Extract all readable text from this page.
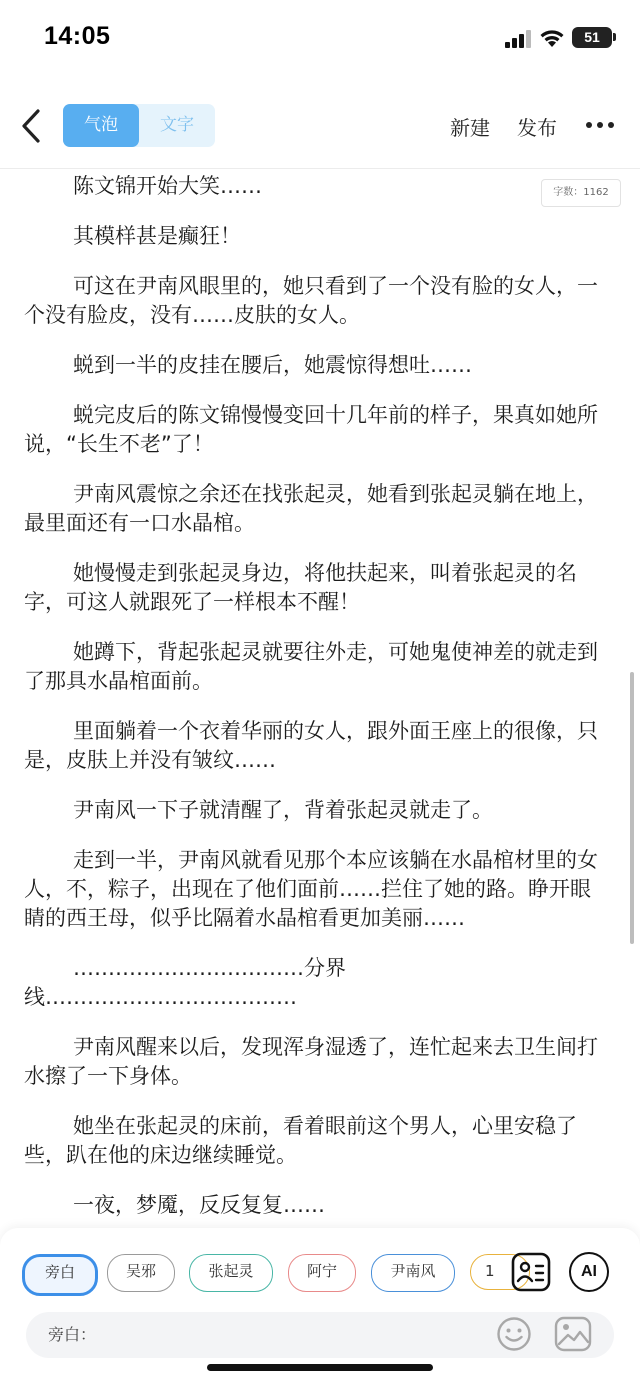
14:05	51
气泡	文字	新建 发布
字数：1162

陈文锦开始大笑……

其模样甚是癫狂！

可这在尹南风眼里的，她只看到了一个没有脸的女人，一个没有脸皮，没有……皮肤的女人。

蜕到一半的皮挂在腰后，她震惊得想吐……

蜕完皮后的陈文锦慢慢变回十几年前的样子，果真如她所说，“长生不老”了！

尹南风震惊之余还在找张起灵，她看到张起灵躺在地上，最里面还有一口水晶棺。

她慢慢走到张起灵身边，将他扶起来，叫着张起灵的名字，可这人就跟死了一样根本不醒！

她蹲下，背起张起灵就要往外走，可她鬼使神差的就走到了那具水晶棺面前。

里面躺着一个衣着华丽的女人，跟外面王座上的很像，只是，皮肤上并没有皱纹……

尹南风一下子就清醒了，背着张起灵就走了。

走到一半，尹南风就看见那个本应该躺在水晶棺材里的女人，不，粽子，出现在了他们面前……拦住了她的路。睁开眼睛的西王母，似乎比隔着水晶棺看更加美丽……

……………………………分界线………………………………

尹南风醒来以后，发现浑身湿透了，连忙起来去卫生间打水擦了一下身体。

她坐在张起灵的床前，看着眼前这个男人，心里安稳了些，趴在他的床边继续睡觉。

一夜，梦魇，反反复复……

旁白	吴邪	张起灵	阿宁	尹南风	1	AI
旁白：
